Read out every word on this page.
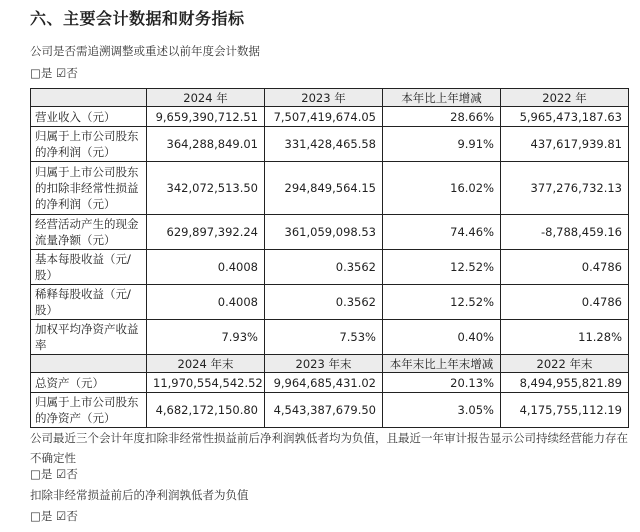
六、主要会计数据和财务指标
公司是否需追溯调整或重述以前年度会计数据
□是 ☑否
	2024 年	2023 年	本年比上年增减	2022 年
营业收入（元）	9,659,390,712.51	7,507,419,674.05	28.66%	5,965,473,187.63
归属于上市公司股东的净利润（元）	364,288,849.01	331,428,465.58	9.91%	437,617,939.81
归属于上市公司股东的扣除非经常性损益的净利润（元）	342,072,513.50	294,849,564.15	16.02%	377,276,732.13
经营活动产生的现金流量净额（元）	629,897,392.24	361,059,098.53	74.46%	-8,788,459.16
基本每股收益（元/股）	0.4008	0.3562	12.52%	0.4786
稀释每股收益（元/股）	0.4008	0.3562	12.52%	0.4786
加权平均净资产收益率	7.93%	7.53%	0.40%	11.28%
	2024 年末	2023 年末	本年末比上年末增减	2022 年末
总资产（元）	11,970,554,542.52	9,964,685,431.02	20.13%	8,494,955,821.89
归属于上市公司股东的净资产（元）	4,682,172,150.80	4,543,387,679.50	3.05%	4,175,755,112.19
公司最近三个会计年度扣除非经常性损益前后净利润孰低者均为负值，且最近一年审计报告显示公司持续经营能力存在不确定性
□是 ☑否
扣除非经常损益前后的净利润孰低者为负值
□是 ☑否
